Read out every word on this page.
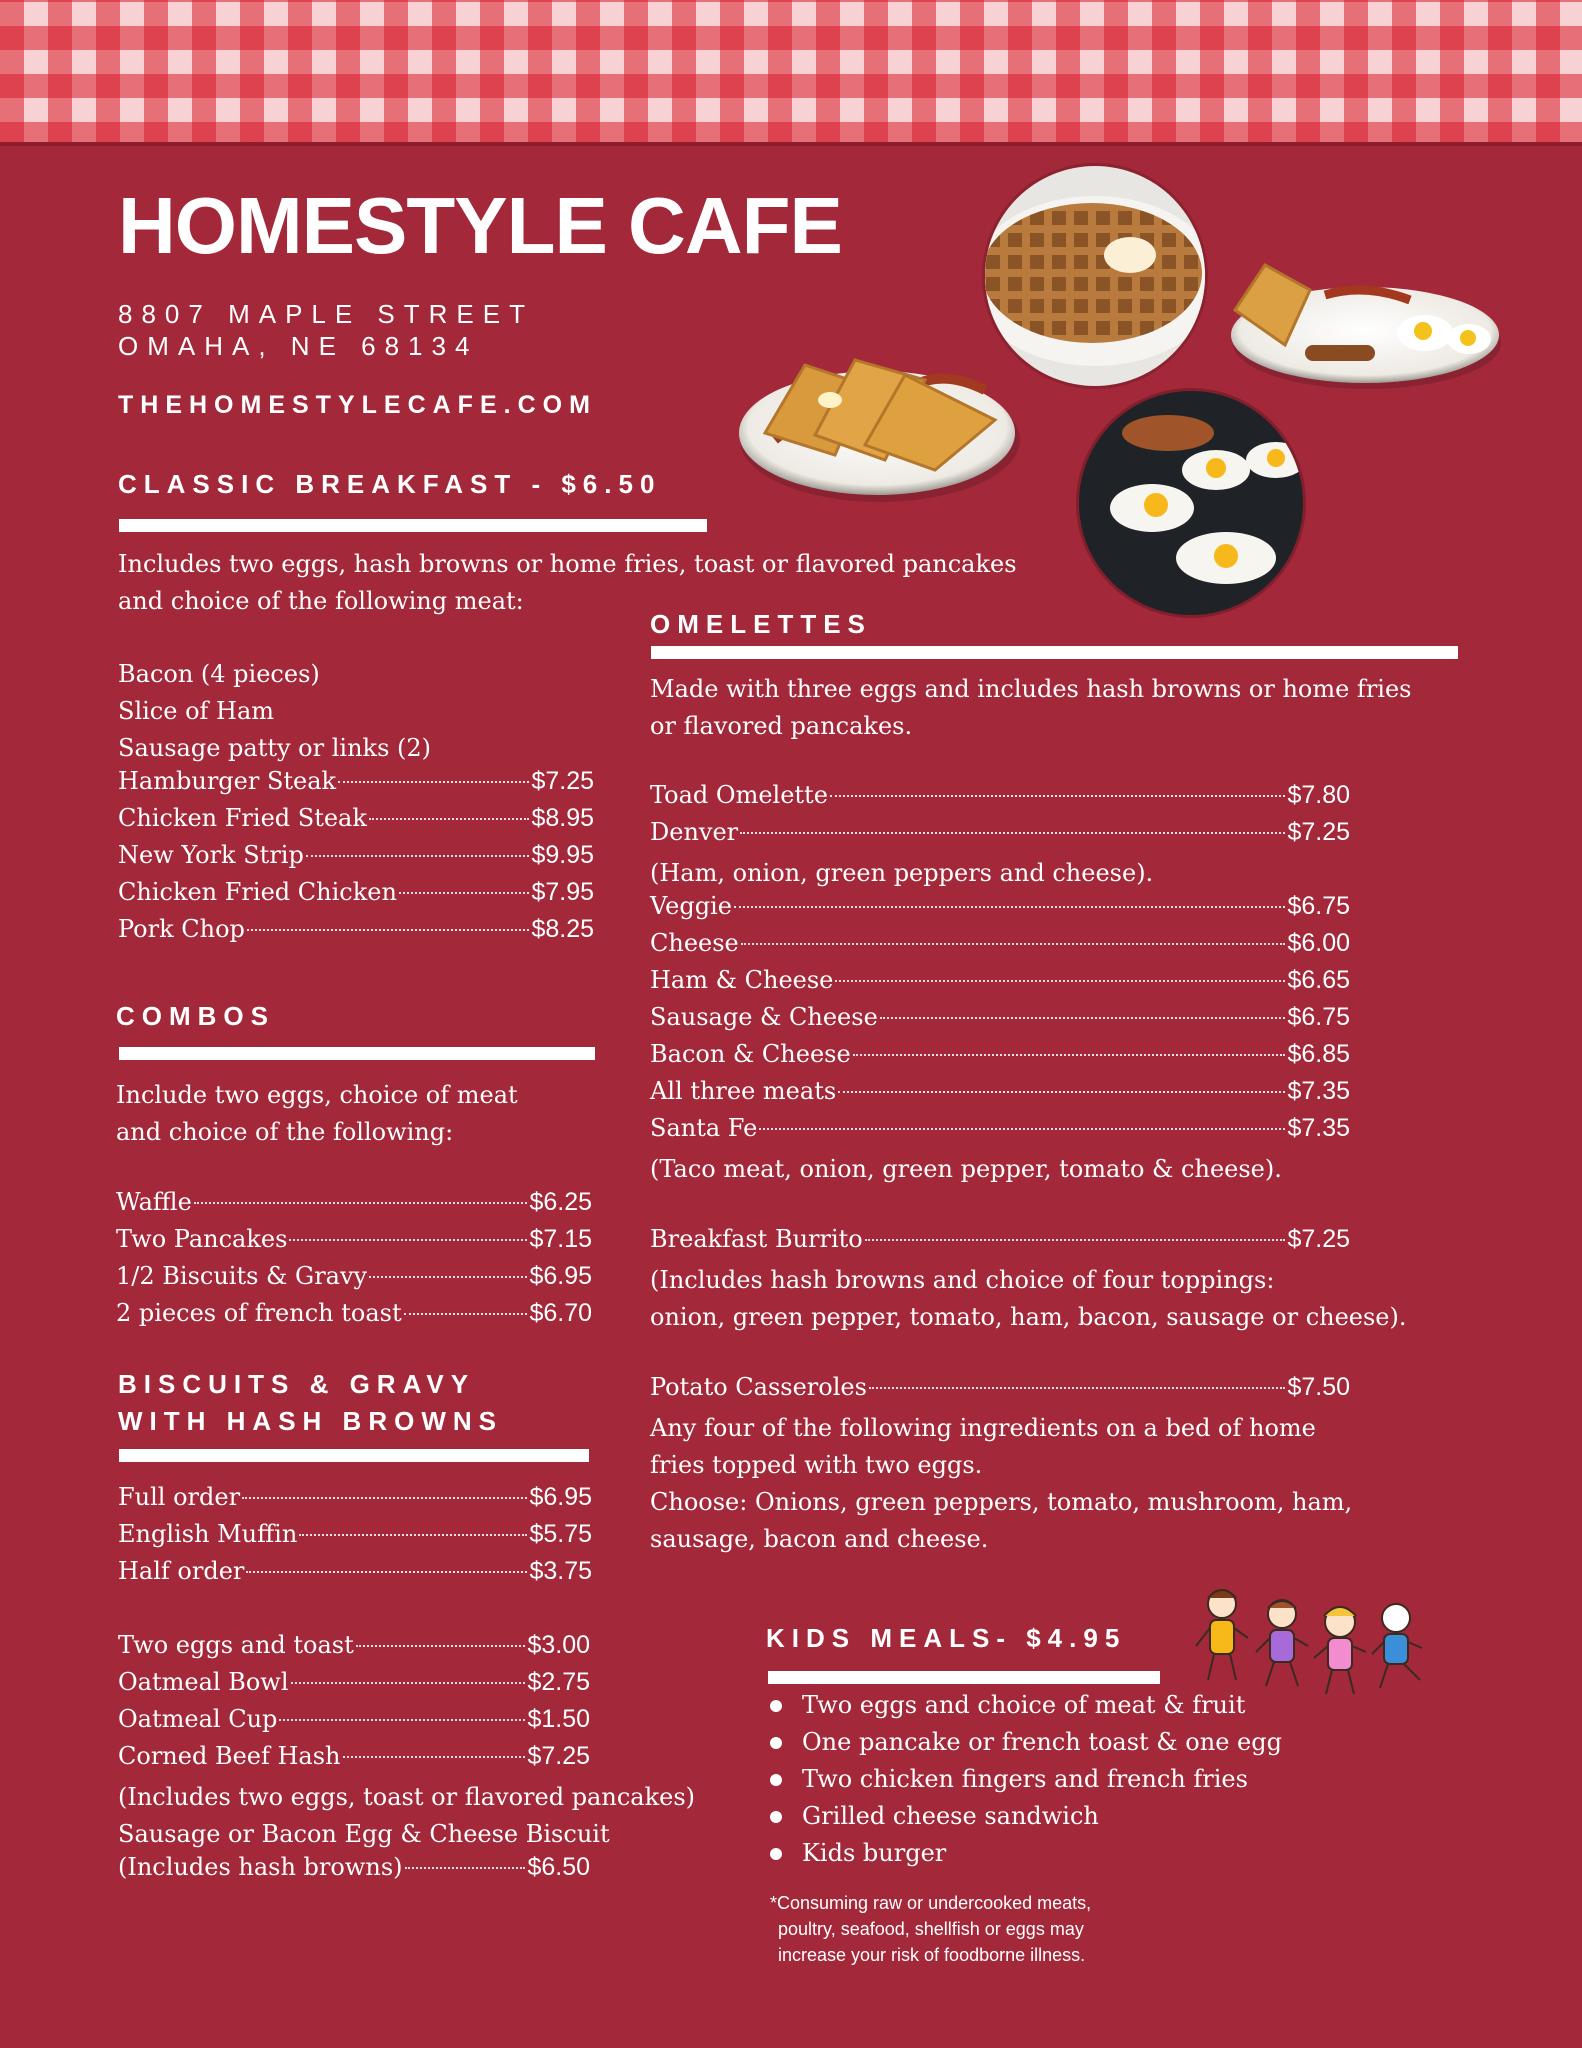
HOMESTYLE CAFE
8807 MAPLE STREET
OMAHA, NE 68134
THEHOMESTYLECAFE.COM
CLASSIC BREAKFAST - $6.50
Includes two eggs, hash browns or home fries, toast or flavored pancakes
and choice of the following meat:
Bacon (4 pieces)
Slice of Ham
Sausage patty or links (2)
Hamburger Steak	$7.25
Chicken Fried Steak	$8.95
New York Strip	$9.95
Chicken Fried Chicken	$7.95
Pork Chop	$8.25
COMBOS
Include two eggs, choice of meat
and choice of the following:
Waffle	$6.25
Two Pancakes	$7.15
1/2 Biscuits & Gravy	$6.95
2 pieces of french toast	$6.70
BISCUITS & GRAVY
WITH HASH BROWNS
Full order	$6.95
English Muffin	$5.75
Half order	$3.75
Two eggs and toast	$3.00
Oatmeal Bowl	$2.75
Oatmeal Cup	$1.50
Corned Beef Hash	$7.25
(Includes two eggs, toast or flavored pancakes)
Sausage or Bacon Egg & Cheese Biscuit
(Includes hash browns)	$6.50
OMELETTES
Made with three eggs and includes hash browns or home fries
or flavored pancakes.
Toad Omelette	$7.80
Denver	$7.25
(Ham, onion, green peppers and cheese).
Veggie	$6.75
Cheese	$6.00
Ham & Cheese	$6.65
Sausage & Cheese	$6.75
Bacon & Cheese	$6.85
All three meats	$7.35
Santa Fe	$7.35
(Taco meat, onion, green pepper, tomato & cheese).
Breakfast Burrito	$7.25
(Includes hash browns and choice of four toppings:
onion, green pepper, tomato, ham, bacon, sausage or cheese).
Potato Casseroles	$7.50
Any four of the following ingredients on a bed of home
fries topped with two eggs.
Choose: Onions, green peppers, tomato, mushroom, ham,
sausage, bacon and cheese.
KIDS MEALS- $4.95
Two eggs and choice of meat & fruit
One pancake or french toast & one egg
Two chicken fingers and french fries
Grilled cheese sandwich
Kids burger
*Consuming raw or undercooked meats,
poultry, seafood, shellfish or eggs may
increase your risk of foodborne illness.
